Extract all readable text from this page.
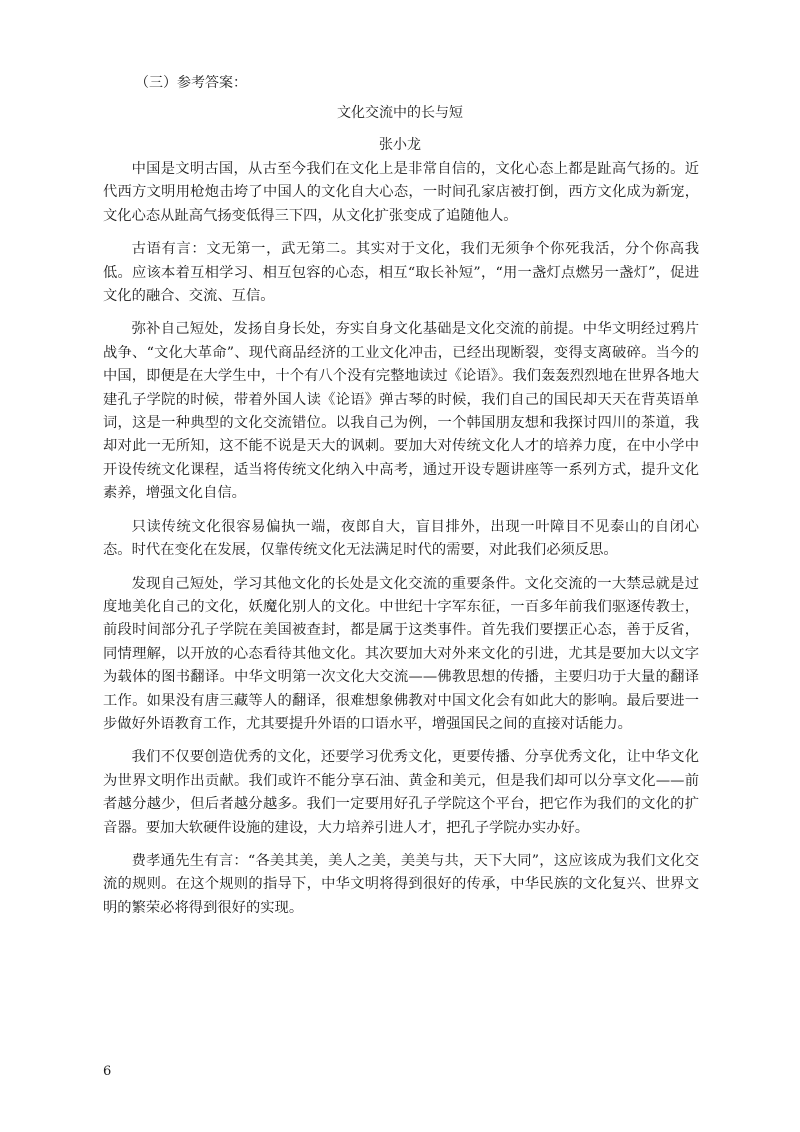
（三）参考答案：
文化交流中的长与短
张小龙

中国是文明古国，从古至今我们在文化上是非常自信的，文化心态上都是趾高气扬的。近代西方文明用枪炮击垮了中国人的文化自大心态，一时间孔家店被打倒，西方文化成为新宠，文化心态从趾高气扬变低得三下四，从文化扩张变成了追随他人。

古语有言：文无第一，武无第二。其实对于文化，我们无须争个你死我活，分个你高我低。应该本着互相学习、相互包容的心态，相互“取长补短”，“用一盏灯点燃另一盏灯”，促进文化的融合、交流、互信。

弥补自己短处，发扬自身长处，夯实自身文化基础是文化交流的前提。中华文明经过鸦片战争、“文化大革命”、现代商品经济的工业文化冲击，已经出现断裂，变得支离破碎。当今的中国，即便是在大学生中，十个有八个没有完整地读过《论语》。我们轰轰烈烈地在世界各地大建孔子学院的时候，带着外国人读《论语》弹古琴的时候，我们自己的国民却天天在背英语单词，这是一种典型的文化交流错位。以我自己为例，一个韩国朋友想和我探讨四川的茶道，我却对此一无所知，这不能不说是天大的讽刺。要加大对传统文化人才的培养力度，在中小学中开设传统文化课程，适当将传统文化纳入中高考，通过开设专题讲座等一系列方式，提升文化素养，增强文化自信。

只读传统文化很容易偏执一端，夜郎自大，盲目排外，出现一叶障目不见泰山的自闭心态。时代在变化在发展，仅靠传统文化无法满足时代的需要，对此我们必须反思。

发现自己短处，学习其他文化的长处是文化交流的重要条件。文化交流的一大禁忌就是过度地美化自己的文化，妖魔化别人的文化。中世纪十字军东征，一百多年前我们驱逐传教士，前段时间部分孔子学院在美国被查封，都是属于这类事件。首先我们要摆正心态，善于反省，同情理解，以开放的心态看待其他文化。其次要加大对外来文化的引进，尤其是要加大以文字为载体的图书翻译。中华文明第一次文化大交流——佛教思想的传播，主要归功于大量的翻译工作。如果没有唐三藏等人的翻译，很难想象佛教对中国文化会有如此大的影响。最后要进一步做好外语教育工作，尤其要提升外语的口语水平，增强国民之间的直接对话能力。

我们不仅要创造优秀的文化，还要学习优秀文化，更要传播、分享优秀文化，让中华文化为世界文明作出贡献。我们或许不能分享石油、黄金和美元，但是我们却可以分享文化——前者越分越少，但后者越分越多。我们一定要用好孔子学院这个平台，把它作为我们的文化的扩音器。要加大软硬件设施的建设，大力培养引进人才，把孔子学院办实办好。

费孝通先生有言：“各美其美，美人之美，美美与共，天下大同”，这应该成为我们文化交流的规则。在这个规则的指导下，中华文明将得到很好的传承，中华民族的文化复兴、世界文明的繁荣必将得到很好的实现。

6
